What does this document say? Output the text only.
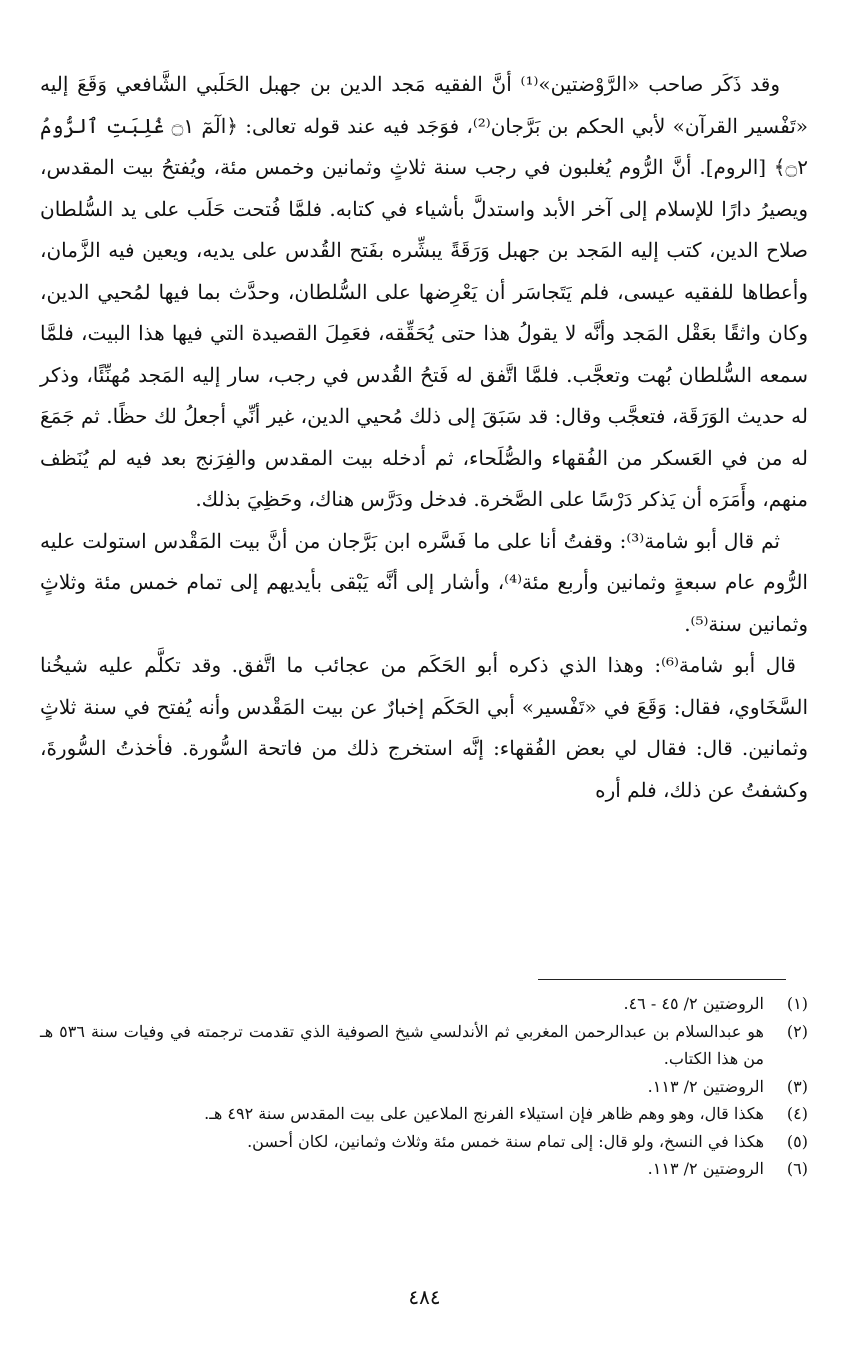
وقد ذَكَر صاحب «الرَّوْضتين»⁽¹⁾ أنَّ الفقيه مَجد الدين بن جهبل الحَلَبي الشَّافعي وَقَعَ إليه «تَفْسير القرآن» لأبي الحكم بن بَرَّجان⁽²⁾، فوَجَد فيه عند قوله تعالى: ﴿الٓمٓ ۝١ غُلِبَتِ ٱلرُّومُ ۝٢﴾ [الروم]. أنَّ الرُّوم يُغلبون في رجب سنة ثلاثٍ وثمانين وخمس مئة، ويُفتحُ بيت المقدس، ويصيرُ دارًا للإسلام إلى آخر الأبد واستدلَّ بأشياء في كتابه. فلمَّا فُتحت حَلَب على يد السُّلطان صلاح الدين، كتب إليه المَجد بن جهبل وَرَقَةً يبشِّره بفَتح القُدس على يديه، ويعين فيه الزَّمان، وأعطاها للفقيه عيسى، فلم يَتَجاسَر أن يَعْرِضها على السُّلطان، وحدَّث بما فيها لمُحيي الدين، وكان واثقًا بعَقْل المَجد وأنَّه لا يقولُ هذا حتى يُحَقِّقه، فعَمِلَ القصيدة التي فيها هذا البيت، فلمَّا سمعه السُّلطان بُهت وتعجَّب. فلمَّا اتَّفق له فَتحُ القُدس في رجب، سار إليه المَجد مُهنِّئًا، وذكر له حديث الوَرَقَة، فتعجَّب وقال: قد سَبَقَ إلى ذلك مُحيي الدين، غير أنِّي أجعلُ لك حظًا. ثم جَمَعَ له من في العَسكر من الفُقهاء والصُّلَحاء، ثم أدخله بيت المقدس والفِرَنج بعد فيه لم يُنَظف منهم، وأَمَرَه أن يَذكر دَرْسًا على الصَّخرة. فدخل ودَرَّس هناك، وحَظِيَ بذلك.

ثم قال أبو شامة⁽³⁾: وقفتُ أنا على ما فَسَّره ابن بَرَّجان من أنَّ بيت المَقْدس استولت عليه الرُّوم عام سبعةٍ وثمانين وأربع مئة⁽⁴⁾، وأشار إلى أنَّه يَبْقى بأيديهم إلى تمام خمس مئة وثلاثٍ وثمانين سنة⁽⁵⁾.

قال أبو شامة⁽⁶⁾: وهذا الذي ذكره أبو الحَكَم من عجائب ما اتَّفق. وقد تكلَّم عليه شيخُنا السَّخَاوي، فقال: وَقَعَ في «تَفْسير» أبي الحَكَم إخبارٌ عن بيت المَقْدس وأنه يُفتح في سنة ثلاثٍ وثمانين. قال: فقال لي بعض الفُقهاء: إنَّه استخرج ذلك من فاتحة السُّورة. فأخذتُ السُّورةَ، وكشفتُ عن ذلك، فلم أره

(١)
الروضتين ٢/ ٤٥ - ٤٦.
(٢)
هو عبدالسلام بن عبدالرحمن المغربي ثم الأندلسي شيخ الصوفية الذي تقدمت ترجمته في وفيات سنة ٥٣٦ هـ من هذا الكتاب.
(٣)
الروضتين ٢/ ١١٣.
(٤)
هكذا قال، وهو وهم ظاهر فإن استيلاء الفرنج الملاعين على بيت المقدس سنة ٤٩٢ هـ.
(٥)
هكذا في النسخ، ولو قال: إلى تمام سنة خمس مئة وثلاث وثمانين، لكان أحسن.
(٦)
الروضتين ٢/ ١١٣.
٤٨٤
